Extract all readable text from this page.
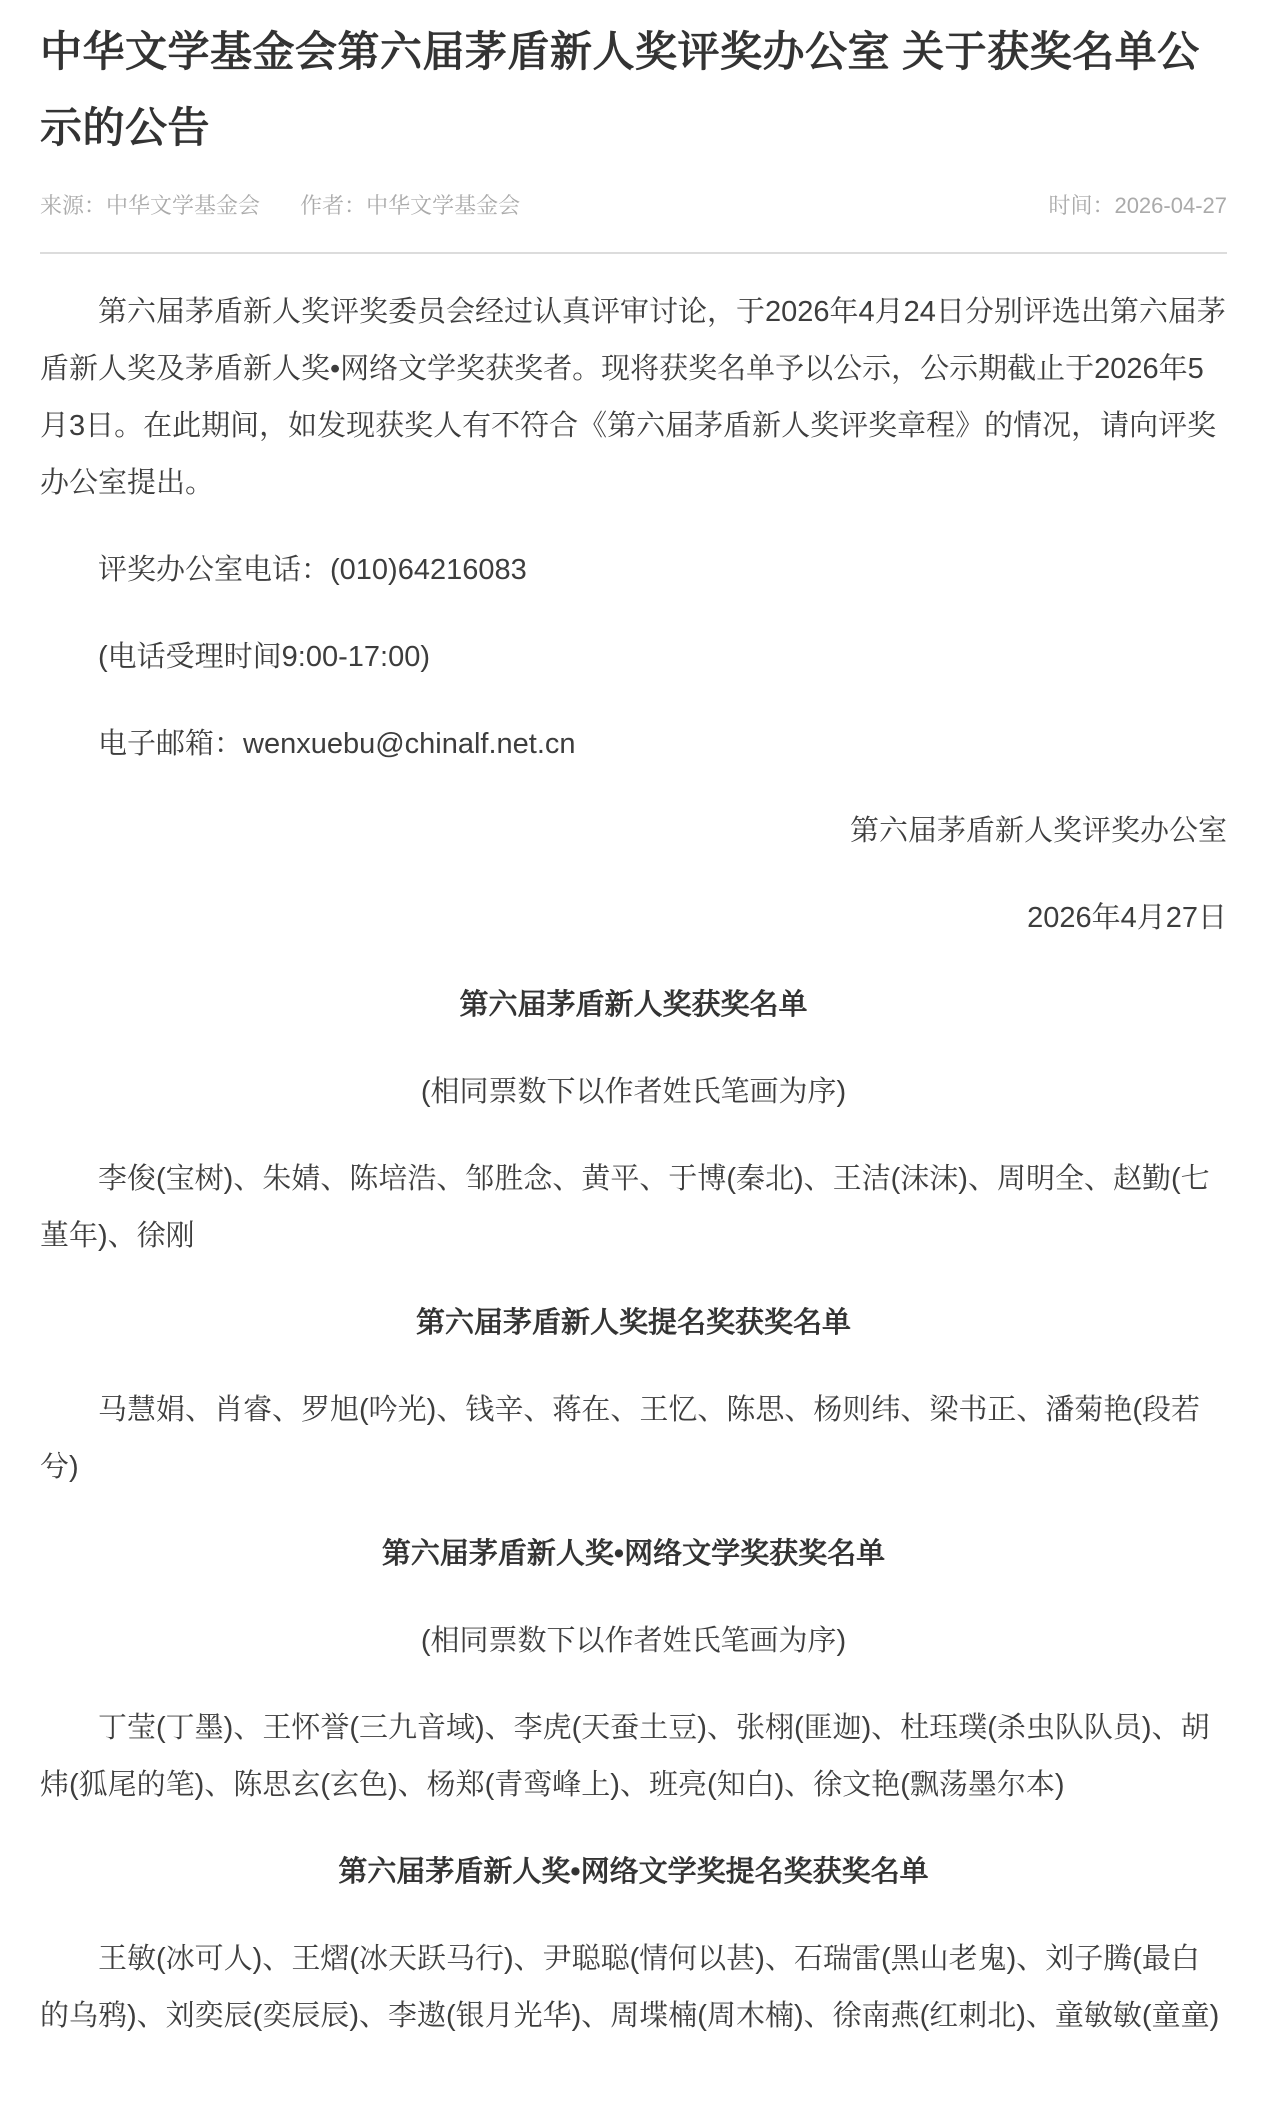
中华文学基金会第六届茅盾新人奖评奖办公室 关于获奖名单公示的公告
来源：中华文学基金会 作者：中华文学基金会	时间：2026-04-27

第六届茅盾新人奖评奖委员会经过认真评审讨论，于2026年4月24日分别评选出第六届茅盾新人奖及茅盾新人奖•网络文学奖获奖者。现将获奖名单予以公示，公示期截止于2026年5月3日。在此期间，如发现获奖人有不符合《第六届茅盾新人奖评奖章程》的情况，请向评奖办公室提出。

评奖办公室电话：(010)64216083

(电话受理时间9:00-17:00)

电子邮箱：wenxuebu@chinalf.net.cn

第六届茅盾新人奖评奖办公室

2026年4月27日

第六届茅盾新人奖获奖名单

(相同票数下以作者姓氏笔画为序)

李俊(宝树)、朱婧、陈培浩、邹胜念、黄平、于博(秦北)、王洁(沫沫)、周明全、赵勤(七堇年)、徐刚

第六届茅盾新人奖提名奖获奖名单

马慧娟、肖睿、罗旭(吟光)、钱辛、蒋在、王忆、陈思、杨则纬、梁书正、潘菊艳(段若兮)

第六届茅盾新人奖•网络文学奖获奖名单

(相同票数下以作者姓氏笔画为序)

丁莹(丁墨)、王怀誉(三九音域)、李虎(天蚕土豆)、张栩(匪迦)、杜珏璞(杀虫队队员)、胡炜(狐尾的笔)、陈思玄(玄色)、杨郑(青鸾峰上)、班亮(知白)、徐文艳(飘荡墨尔本)

第六届茅盾新人奖•网络文学奖提名奖获奖名单

王敏(冰可人)、王熠(冰天跃马行)、尹聪聪(情何以甚)、石瑞雷(黑山老鬼)、刘子腾(最白的乌鸦)、刘奕辰(奕辰辰)、李遨(银月光华)、周堞楠(周木楠)、徐南燕(红刺北)、童敏敏(童童)
